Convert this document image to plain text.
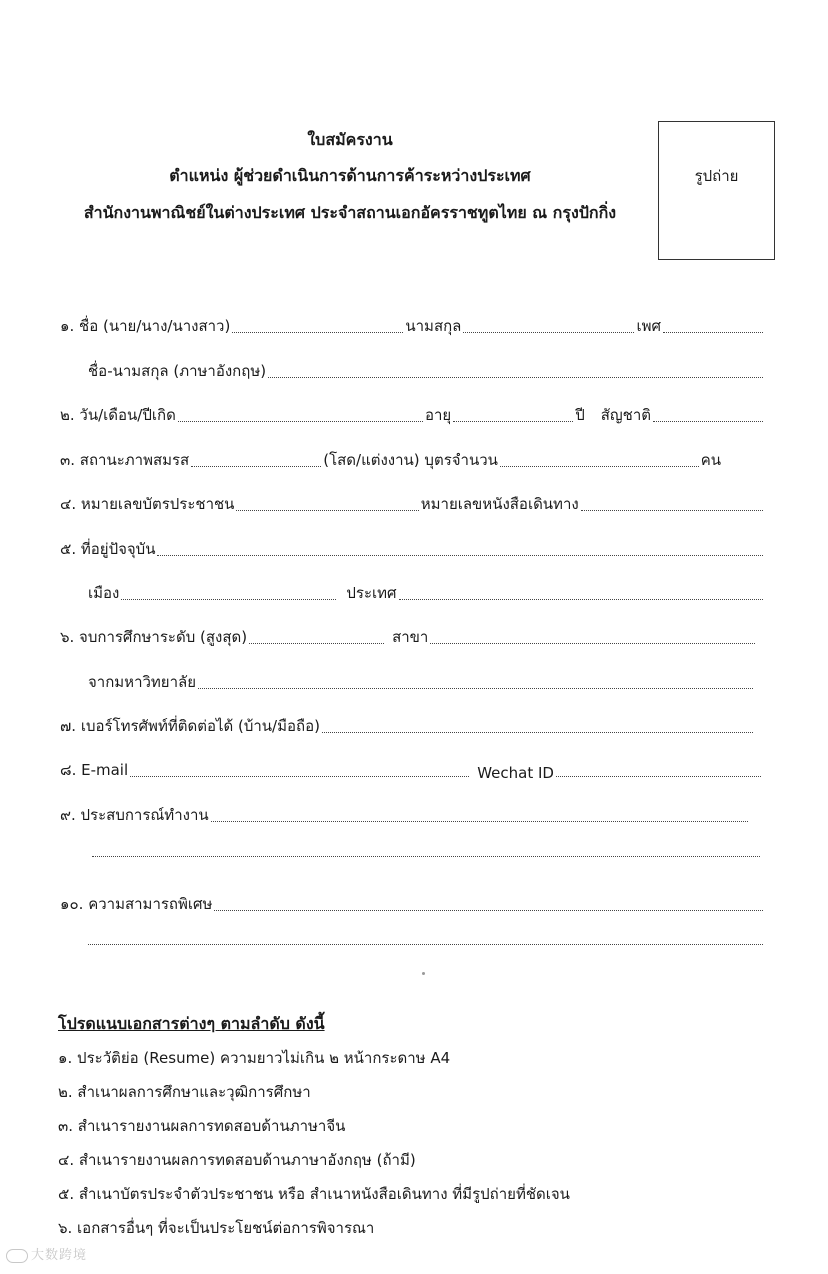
ใบสมัครงาน
ตำแหน่ง ผู้ช่วยดำเนินการด้านการค้าระหว่างประเทศ
สำนักงานพาณิชย์ในต่างประเทศ ประจำสถานเอกอัครราชทูตไทย ณ กรุงปักกิ่ง
รูปถ่าย
๑. ชื่อ (นาย/นาง/นางสาว)	นามสกุล	เพศ
ชื่อ-นามสกุล (ภาษาอังกฤษ)
๒. วัน/เดือน/ปีเกิด	อายุ	ปี สัญชาติ
๓. สถานะภาพสมรส	(โสด/แต่งงาน) บุตรจำนวน	คน
๔. หมายเลขบัตรประชาชน	หมายเลขหนังสือเดินทาง
๕. ที่อยู่ปัจจุบัน
เมือง	ประเทศ
๖. จบการศึกษาระดับ (สูงสุด)	สาขา
จากมหาวิทยาลัย
๗. เบอร์โทรศัพท์ที่ติดต่อได้ (บ้าน/มือถือ)
๘. E-mail	Wechat ID
๙. ประสบการณ์ทำงาน
๑๐. ความสามารถพิเศษ
โปรดแนบเอกสารต่างๆ ตามลำดับ ดังนี้
๑. ประวัติย่อ (Resume) ความยาวไม่เกิน ๒ หน้ากระดาษ A4
๒. สำเนาผลการศึกษาและวุฒิการศึกษา
๓. สำเนารายงานผลการทดสอบด้านภาษาจีน
๔. สำเนารายงานผลการทดสอบด้านภาษาอังกฤษ (ถ้ามี)
๕. สำเนาบัตรประจำตัวประชาชน หรือ สำเนาหนังสือเดินทาง ที่มีรูปถ่ายที่ชัดเจน
๖. เอกสารอื่นๆ ที่จะเป็นประโยชน์ต่อการพิจารณา
大数跨境
